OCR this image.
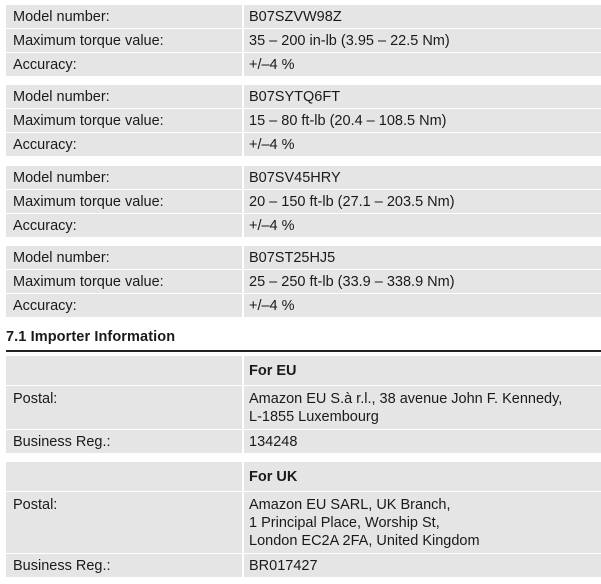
Model number:	B07SZVW98Z
Maximum torque value:	35 – 200 in-lb (3.95 – 22.5 Nm)
Accuracy:	+/–4 %
Model number:	B07SYTQ6FT
Maximum torque value:	15 – 80 ft-lb (20.4 – 108.5 Nm)
Accuracy:	+/–4 %
Model number:	B07SV45HRY
Maximum torque value:	20 – 150 ft-lb (27.1 – 203.5 Nm)
Accuracy:	+/–4 %
Model number:	B07ST25HJ5
Maximum torque value:	25 – 250 ft-lb (33.9 – 338.9 Nm)
Accuracy:	+/–4 %
7.1 Importer Information
	For EU
Postal:	Amazon EU S.à r.l., 38 avenue John F. Kennedy,
L-1855 Luxembourg

Business Reg.:	134248
	For UK
Postal:	Amazon EU SARL, UK Branch,
1 Principal Place, Worship St,
London EC2A 2FA, United Kingdom

Business Reg.:	BR017427
